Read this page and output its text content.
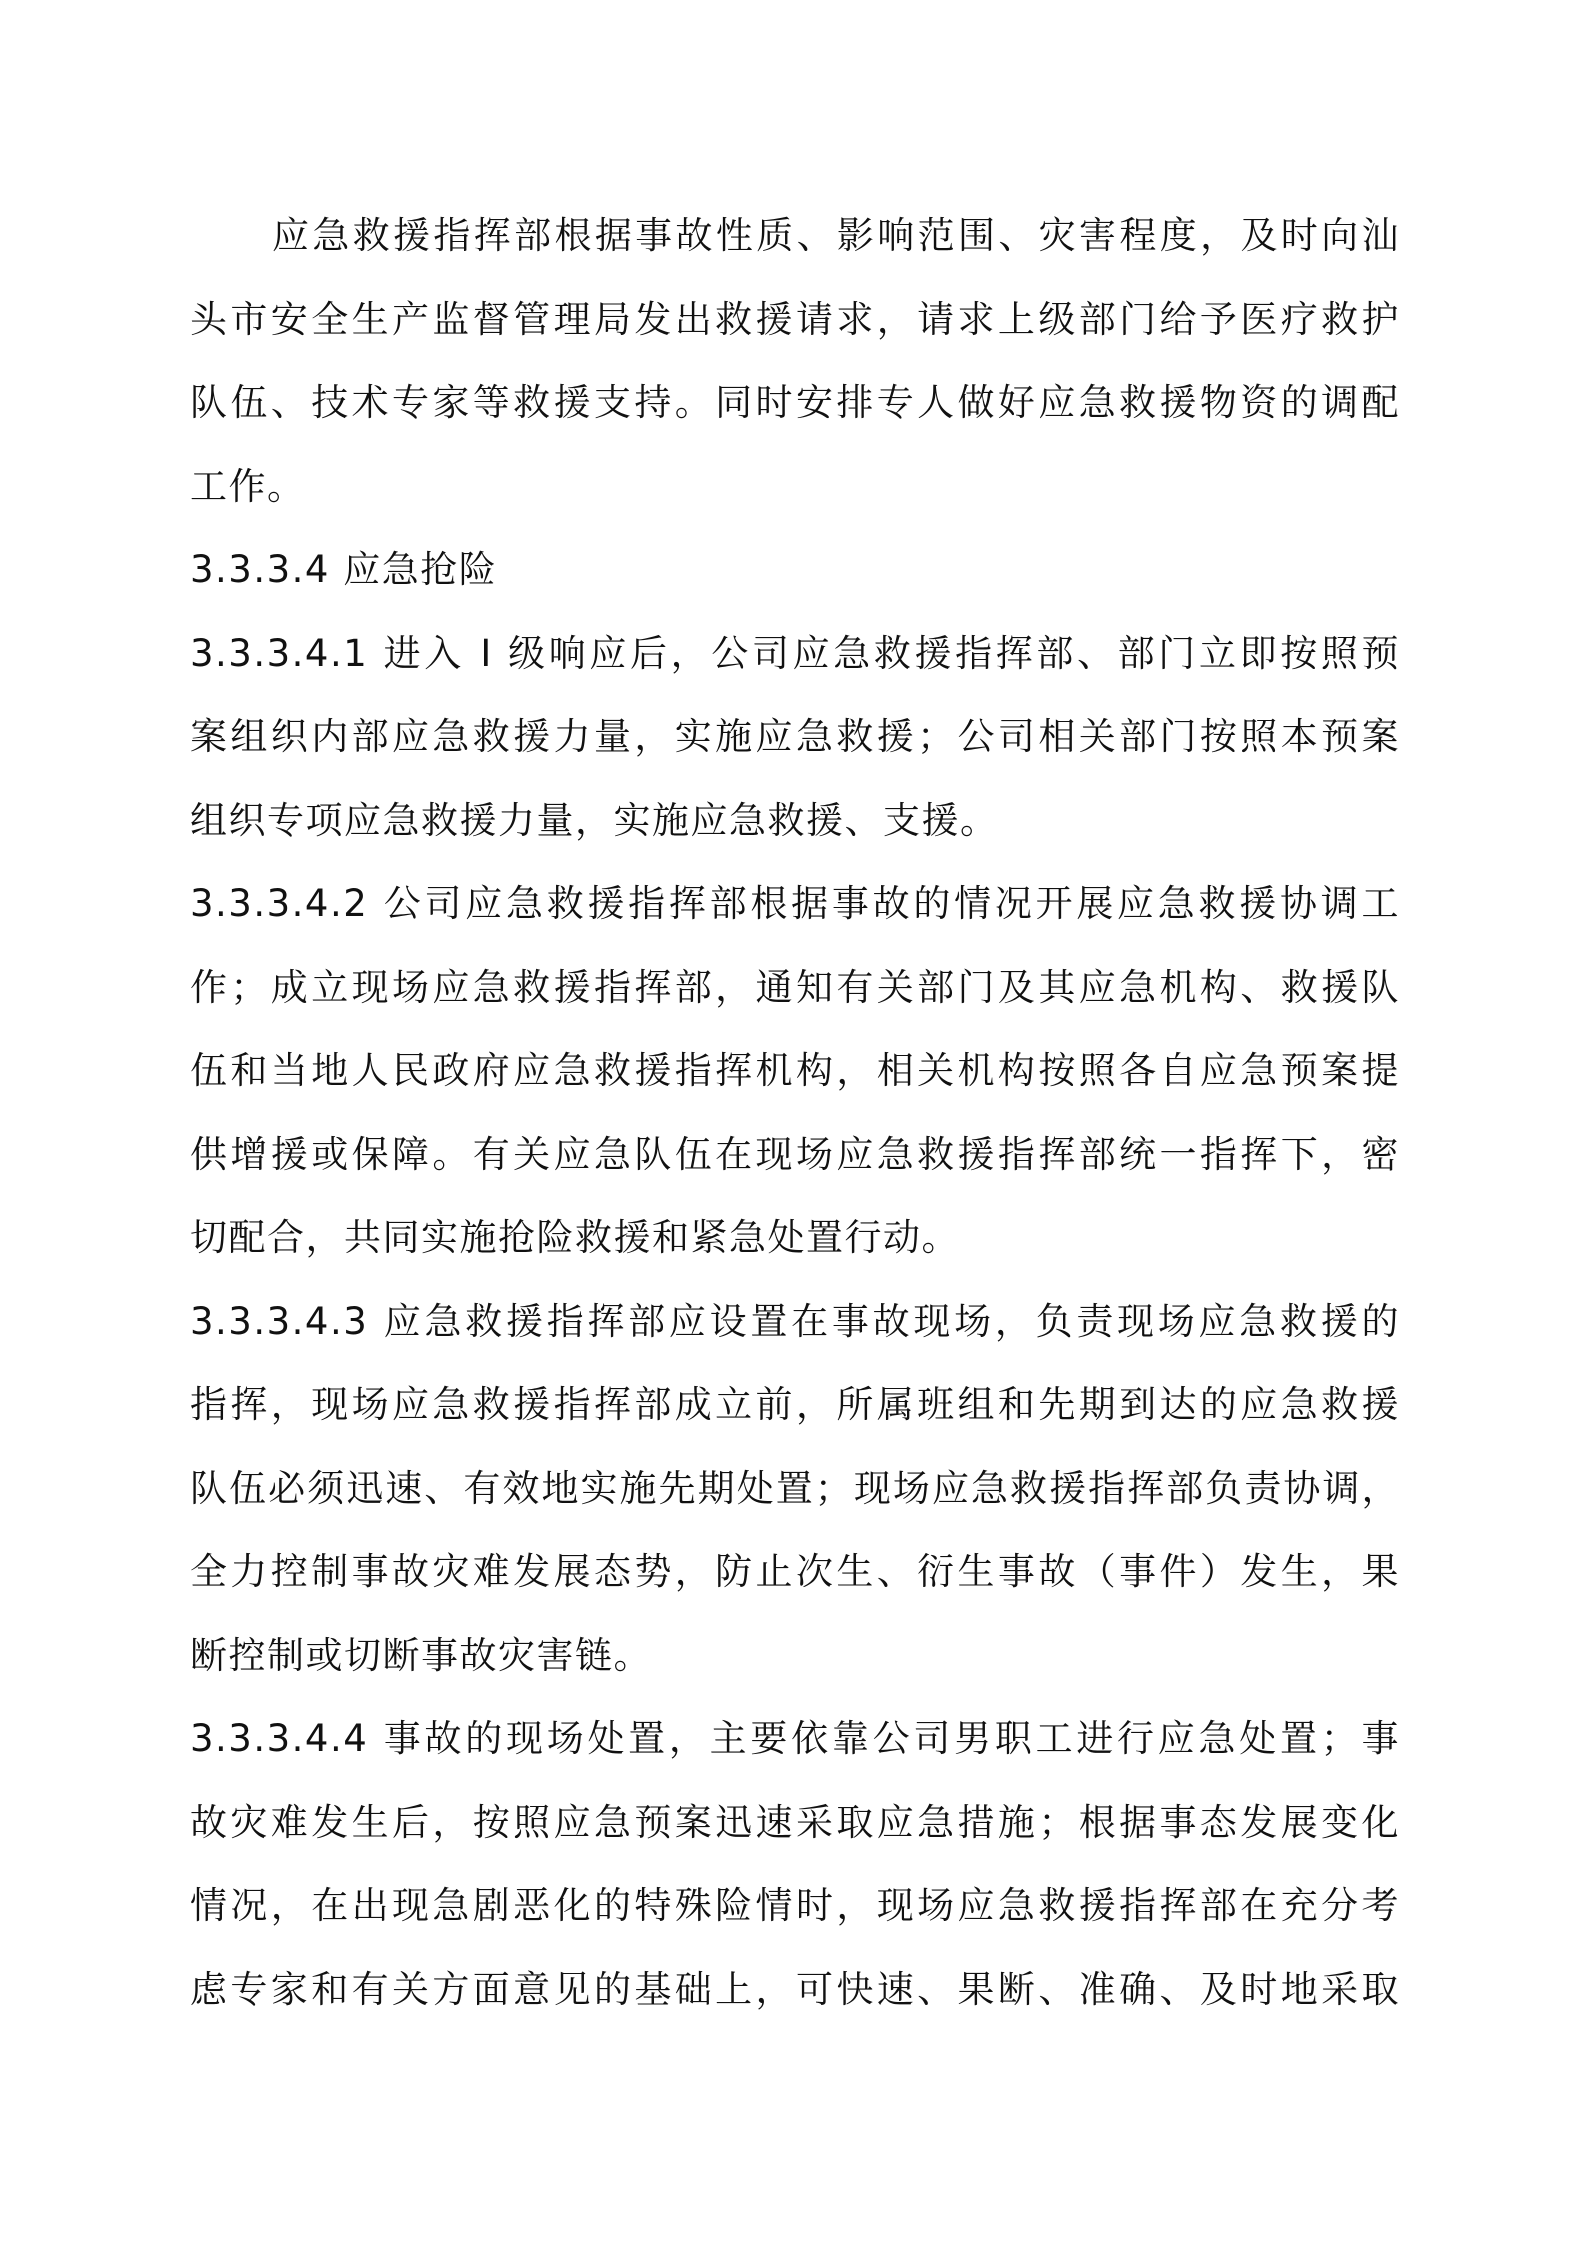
应急救援指挥部根据事故性质、影响范围、灾害程度，及时向汕
头市安全生产监督管理局发出救援请求，请求上级部门给予医疗救护
队伍、技术专家等救援支持。同时安排专人做好应急救援物资的调配
工作。
3.3.3.4 应急抢险
3.3.3.4.1 进入 I 级响应后，公司应急救援指挥部、部门立即按照预
案组织内部应急救援力量，实施应急救援；公司相关部门按照本预案
组织专项应急救援力量，实施应急救援、支援。
3.3.3.4.2 公司应急救援指挥部根据事故的情况开展应急救援协调工
作；成立现场应急救援指挥部，通知有关部门及其应急机构、救援队
伍和当地人民政府应急救援指挥机构，相关机构按照各自应急预案提
供增援或保障。有关应急队伍在现场应急救援指挥部统一指挥下，密
切配合，共同实施抢险救援和紧急处置行动。
3.3.3.4.3 应急救援指挥部应设置在事故现场，负责现场应急救援的
指挥，现场应急救援指挥部成立前，所属班组和先期到达的应急救援
队伍必须迅速、有效地实施先期处置；现场应急救援指挥部负责协调，
全力控制事故灾难发展态势，防止次生、衍生事故（事件）发生，果
断控制或切断事故灾害链。
3.3.3.4.4 事故的现场处置，主要依靠公司男职工进行应急处置；事
故灾难发生后，按照应急预案迅速采取应急措施；根据事态发展变化
情况，在出现急剧恶化的特殊险情时，现场应急救援指挥部在充分考
虑专家和有关方面意见的基础上，可快速、果断、准确、及时地采取
